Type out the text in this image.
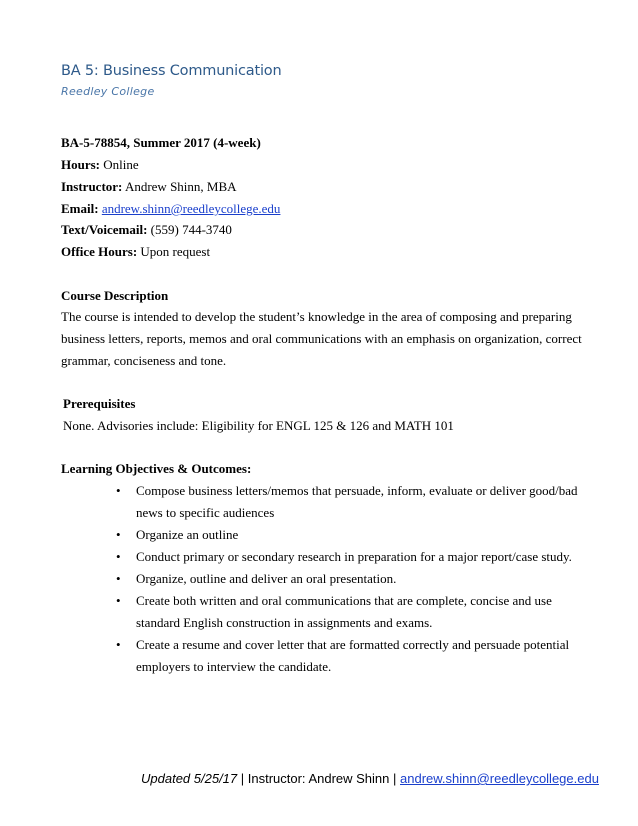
BA 5: Business Communication
Reedley College
BA-5-78854, Summer 2017 (4-week)
Hours: Online
Instructor: Andrew Shinn, MBA
Email: andrew.shinn@reedleycollege.edu
Text/Voicemail: (559) 744-3740
Office Hours: Upon request
Course Description
The course is intended to develop the student’s knowledge in the area of composing and preparing
business letters, reports, memos and oral communications with an emphasis on organization, correct
grammar, conciseness and tone.
Prerequisites
None. Advisories include: Eligibility for ENGL 125 & 126 and MATH 101
Learning Objectives & Outcomes:
• Compose business letters/memos that persuade, inform, evaluate or deliver good/bad
news to specific audiences
• Organize an outline
• Conduct primary or secondary research in preparation for a major report/case study.
• Organize, outline and deliver an oral presentation.
• Create both written and oral communications that are complete, concise and use
standard English construction in assignments and exams.
• Create a resume and cover letter that are formatted correctly and persuade potential
employers to interview the candidate.
Updated 5/25/17 | Instructor: Andrew Shinn | andrew.shinn@reedleycollege.edu
